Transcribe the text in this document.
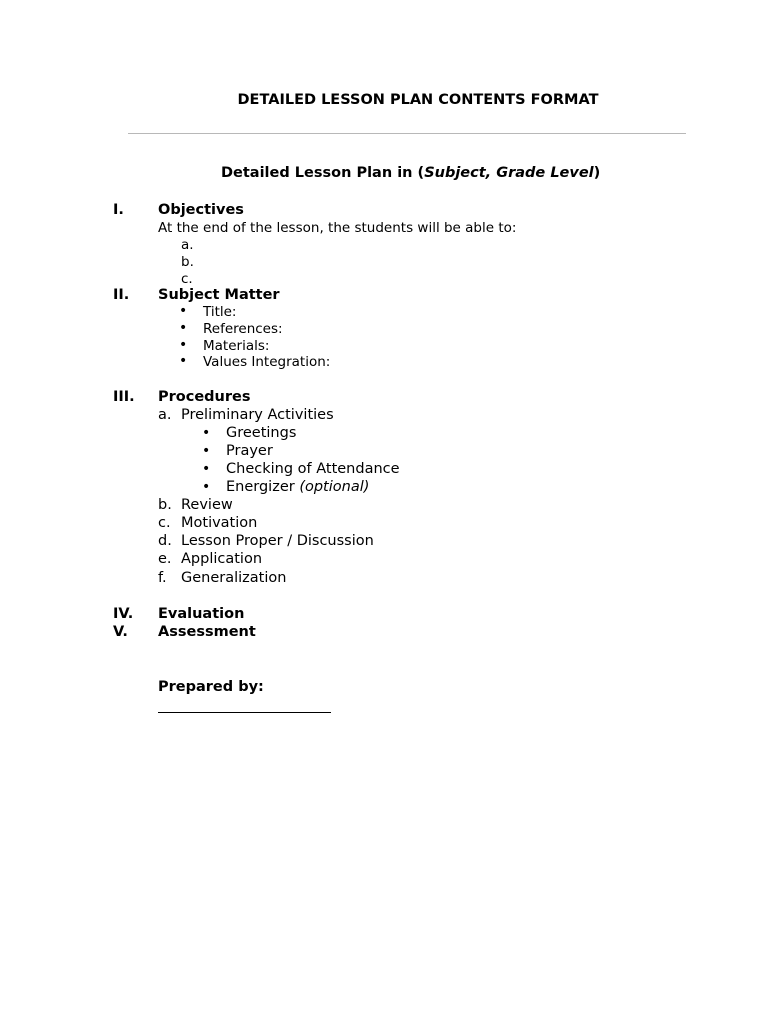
DETAILED LESSON PLAN CONTENTS FORMAT
Detailed Lesson Plan in (Subject, Grade Level)
I. Objectives
At the end of the lesson, the students will be able to:
a.
b.
c.
II. Subject Matter
• Title:
• References:
• Materials:
• Values Integration:
III. Procedures
a. Preliminary Activities
• Greetings
• Prayer
• Checking of Attendance
• Energizer (optional)
b. Review
c. Motivation
d. Lesson Proper / Discussion
e. Application
f. Generalization
IV. Evaluation
V. Assessment
Prepared by:
